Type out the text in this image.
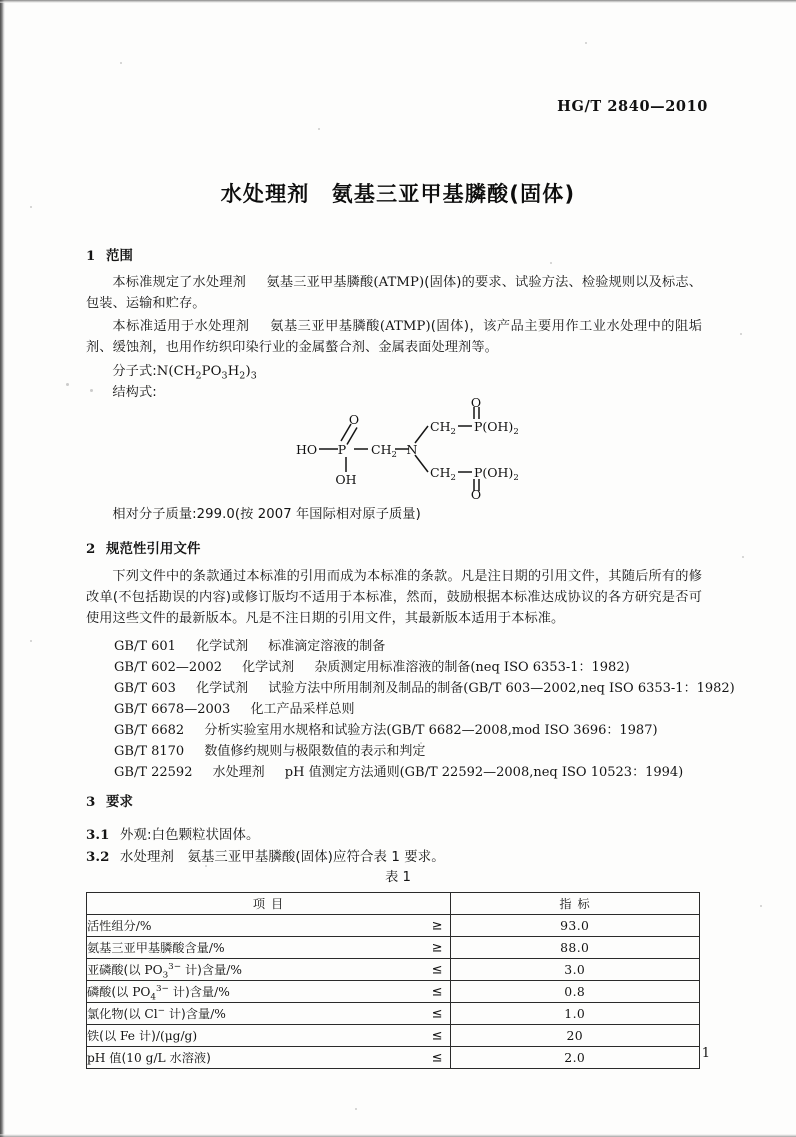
HG/T 2840—2010
水处理剂　氨基三亚甲基膦酸(固体)
1 范围
本标准规定了水处理剂 氨基三亚甲基膦酸(ATMP)(固体)的要求、试验方法、检验规则以及标志、包装、运输和贮存。
本标准适用于水处理剂 氨基三亚甲基膦酸(ATMP)(固体)，该产品主要用作工业水处理中的阻垢剂、缓蚀剂，也用作纺织印染行业的金属螯合剂、金属表面处理剂等。
分子式$:N(CH_2PO_3H_2)_3$
结构式:
HO P
O
OH
$CH_2$ N
$CH_2$
$CH_2$
$P(OH)_2$
$P(OH)_2$
O
O
相对分子质量:299.0(按 2007 年国际相对原子质量)
2 规范性引用文件
下列文件中的条款通过本标准的引用而成为本标准的条款。凡是注日期的引用文件，其随后所有的修改单(不包括勘误的内容)或修订版均不适用于本标准，然而，鼓励根据本标准达成协议的各方研究是否可使用这些文件的最新版本。凡是不注日期的引用文件，其最新版本适用于本标准。
GB/T 601 化学试剂 标准滴定溶液的制备
GB/T 602—2002 化学试剂 杂质测定用标准溶液的制备(neq ISO 6353-1：1982)
GB/T 603 化学试剂 试验方法中所用制剂及制品的制备(GB/T 603—2002,neq ISO 6353-1：1982)
GB/T 6678—2003 化工产品采样总则
GB/T 6682 分析实验室用水规格和试验方法(GB/T 6682—2008,mod ISO 3696：1987)
GB/T 8170 数值修约规则与极限数值的表示和判定
GB/T 22592 水处理剂 pH 值测定方法通则(GB/T 22592—2008,neq ISO 10523：1994)
3 要求
3.1 外观:白色颗粒状固体。
3.2 水处理剂　氨基三亚甲基膦酸(固体)应符合表 1 要求。
表 1
项目	指标
活性组分/% ≥	93.0
氨基三亚甲基膦酸含量/% ≥	88.0
亚磷酸(以 $PO_3^{3-}$ 计)含量/% ≤	3.0
磷酸(以 $PO_4^{3-}$ 计)含量/% ≤	0.8
氯化物(以 Cl− 计)含量/% ≤	1.0
铁(以 Fe 计)/(μg/g) ≤	20
pH 值(10 g/L 水溶液) ≤	2.0	1
